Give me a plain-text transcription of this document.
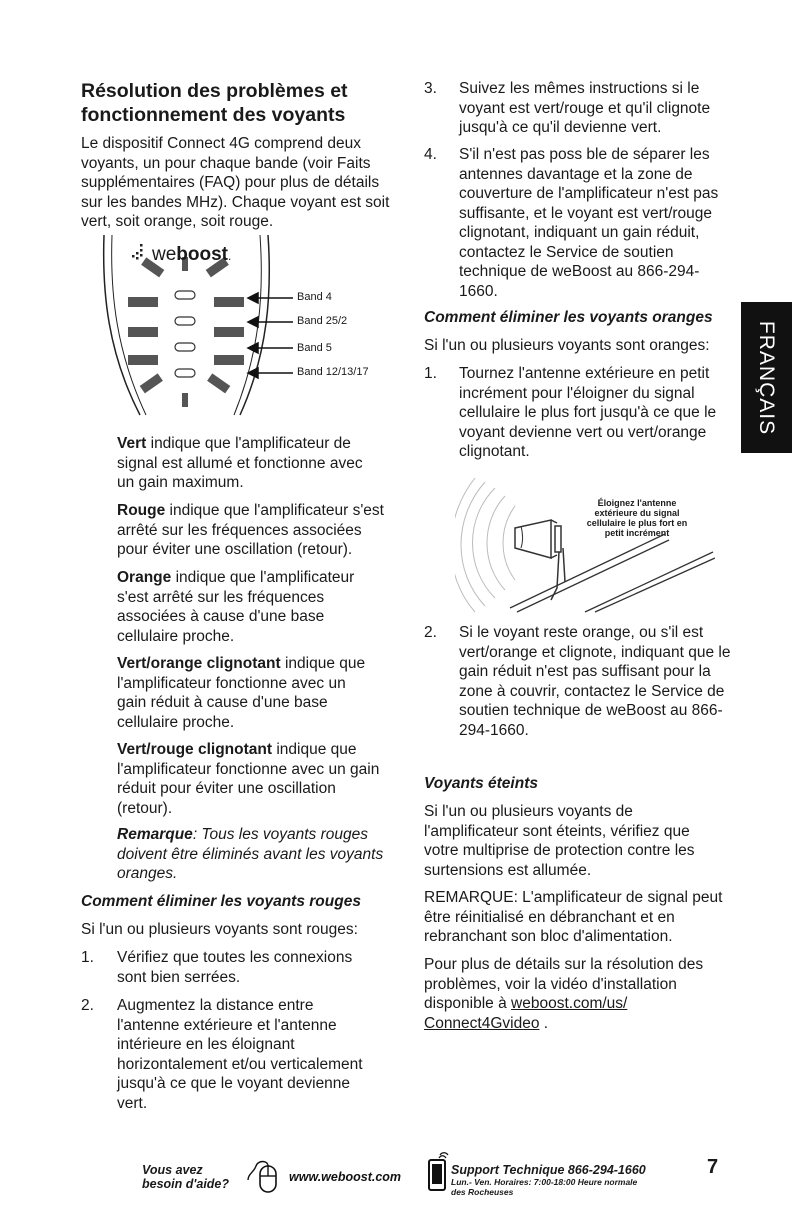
Résolution des problèmes et
fonctionnement des voyants
Le dispositif Connect 4G comprend deux voyants, un pour chaque bande (voir Faits supplémentaires (FAQ) pour plus de détails sur les bandes MHz). Chaque voyant est soit vert, soit orange, soit rouge.
weboost.
Band 4
Band 25/2
Band 5
Band 12/13/17
Vert indique que l'amplificateur de signal est allumé et fonctionne avec un gain maximum.
Rouge indique que l'amplificateur s'est arrêté sur les fréquences associées pour éviter une oscillation (retour).
Orange indique que l'amplificateur s'est arrêté sur les fréquences associées à cause d'une base cellulaire proche.
Vert/orange clignotant indique que l'amplificateur fonctionne avec un gain réduit à cause d'une base cellulaire proche.
Vert/rouge clignotant indique que l'amplificateur fonctionne avec un gain réduit pour éviter une oscillation (retour).
Remarque: Tous les voyants rouges doivent être éliminés avant les voyants oranges.
Comment éliminer les voyants rouges
Si l'un ou plusieurs voyants sont rouges:
1.	Vérifiez que toutes les connexions sont bien serrées.
2.	Augmentez la distance entre l'antenne extérieure et l'antenne intérieure en les éloignant horizontalement et/ou verticalement jusqu'à ce que le voyant devienne vert.
3.	Suivez les mêmes instructions si le voyant est vert/rouge et qu'il clignote jusqu'à ce qu'il devienne vert.
4.	S'il n'est pas poss ble de séparer les antennes davantage et la zone de couverture de l'amplificateur n'est pas suffisante, et le voyant est vert/rouge clignotant, indiquant un gain réduit, contactez le Service de soutien technique de weBoost au 866-294-1660.
Comment éliminer les voyants oranges
Si l'un ou plusieurs voyants sont oranges:
1.	Tournez l'antenne extérieure en petit incrément pour l'éloigner du signal cellulaire le plus fort jusqu'à ce que le voyant devienne vert ou vert/orange clignotant.
Éloignez l'antenne
extérieure du signal
cellulaire le plus fort en
petit incrément
2.	Si le voyant reste orange, ou s'il est vert/orange et clignote, indiquant que le gain réduit n'est pas suffisant pour la zone à couvrir, contactez le Service de soutien technique de weBoost au 866-294-1660.
Voyants éteints
Si l'un ou plusieurs voyants de l'amplificateur sont éteints, vérifiez que votre multiprise de protection contre les surtensions est allumée.
REMARQUE: L'amplificateur de signal peut être réinitialisé en débranchant et en rebranchant son bloc d'alimentation.
Pour plus de détails sur la résolution des problèmes, voir la vidéo d'installation disponible à weboost.com/us/ Connect4Gvideo .
FRANÇAIS
Vous avez
besoin d'aide?	www.weboost.com	Support Technique 866-294-1660
Lun.- Ven. Horaires: 7:00-18:00 Heure normale
des Rocheuses
7
